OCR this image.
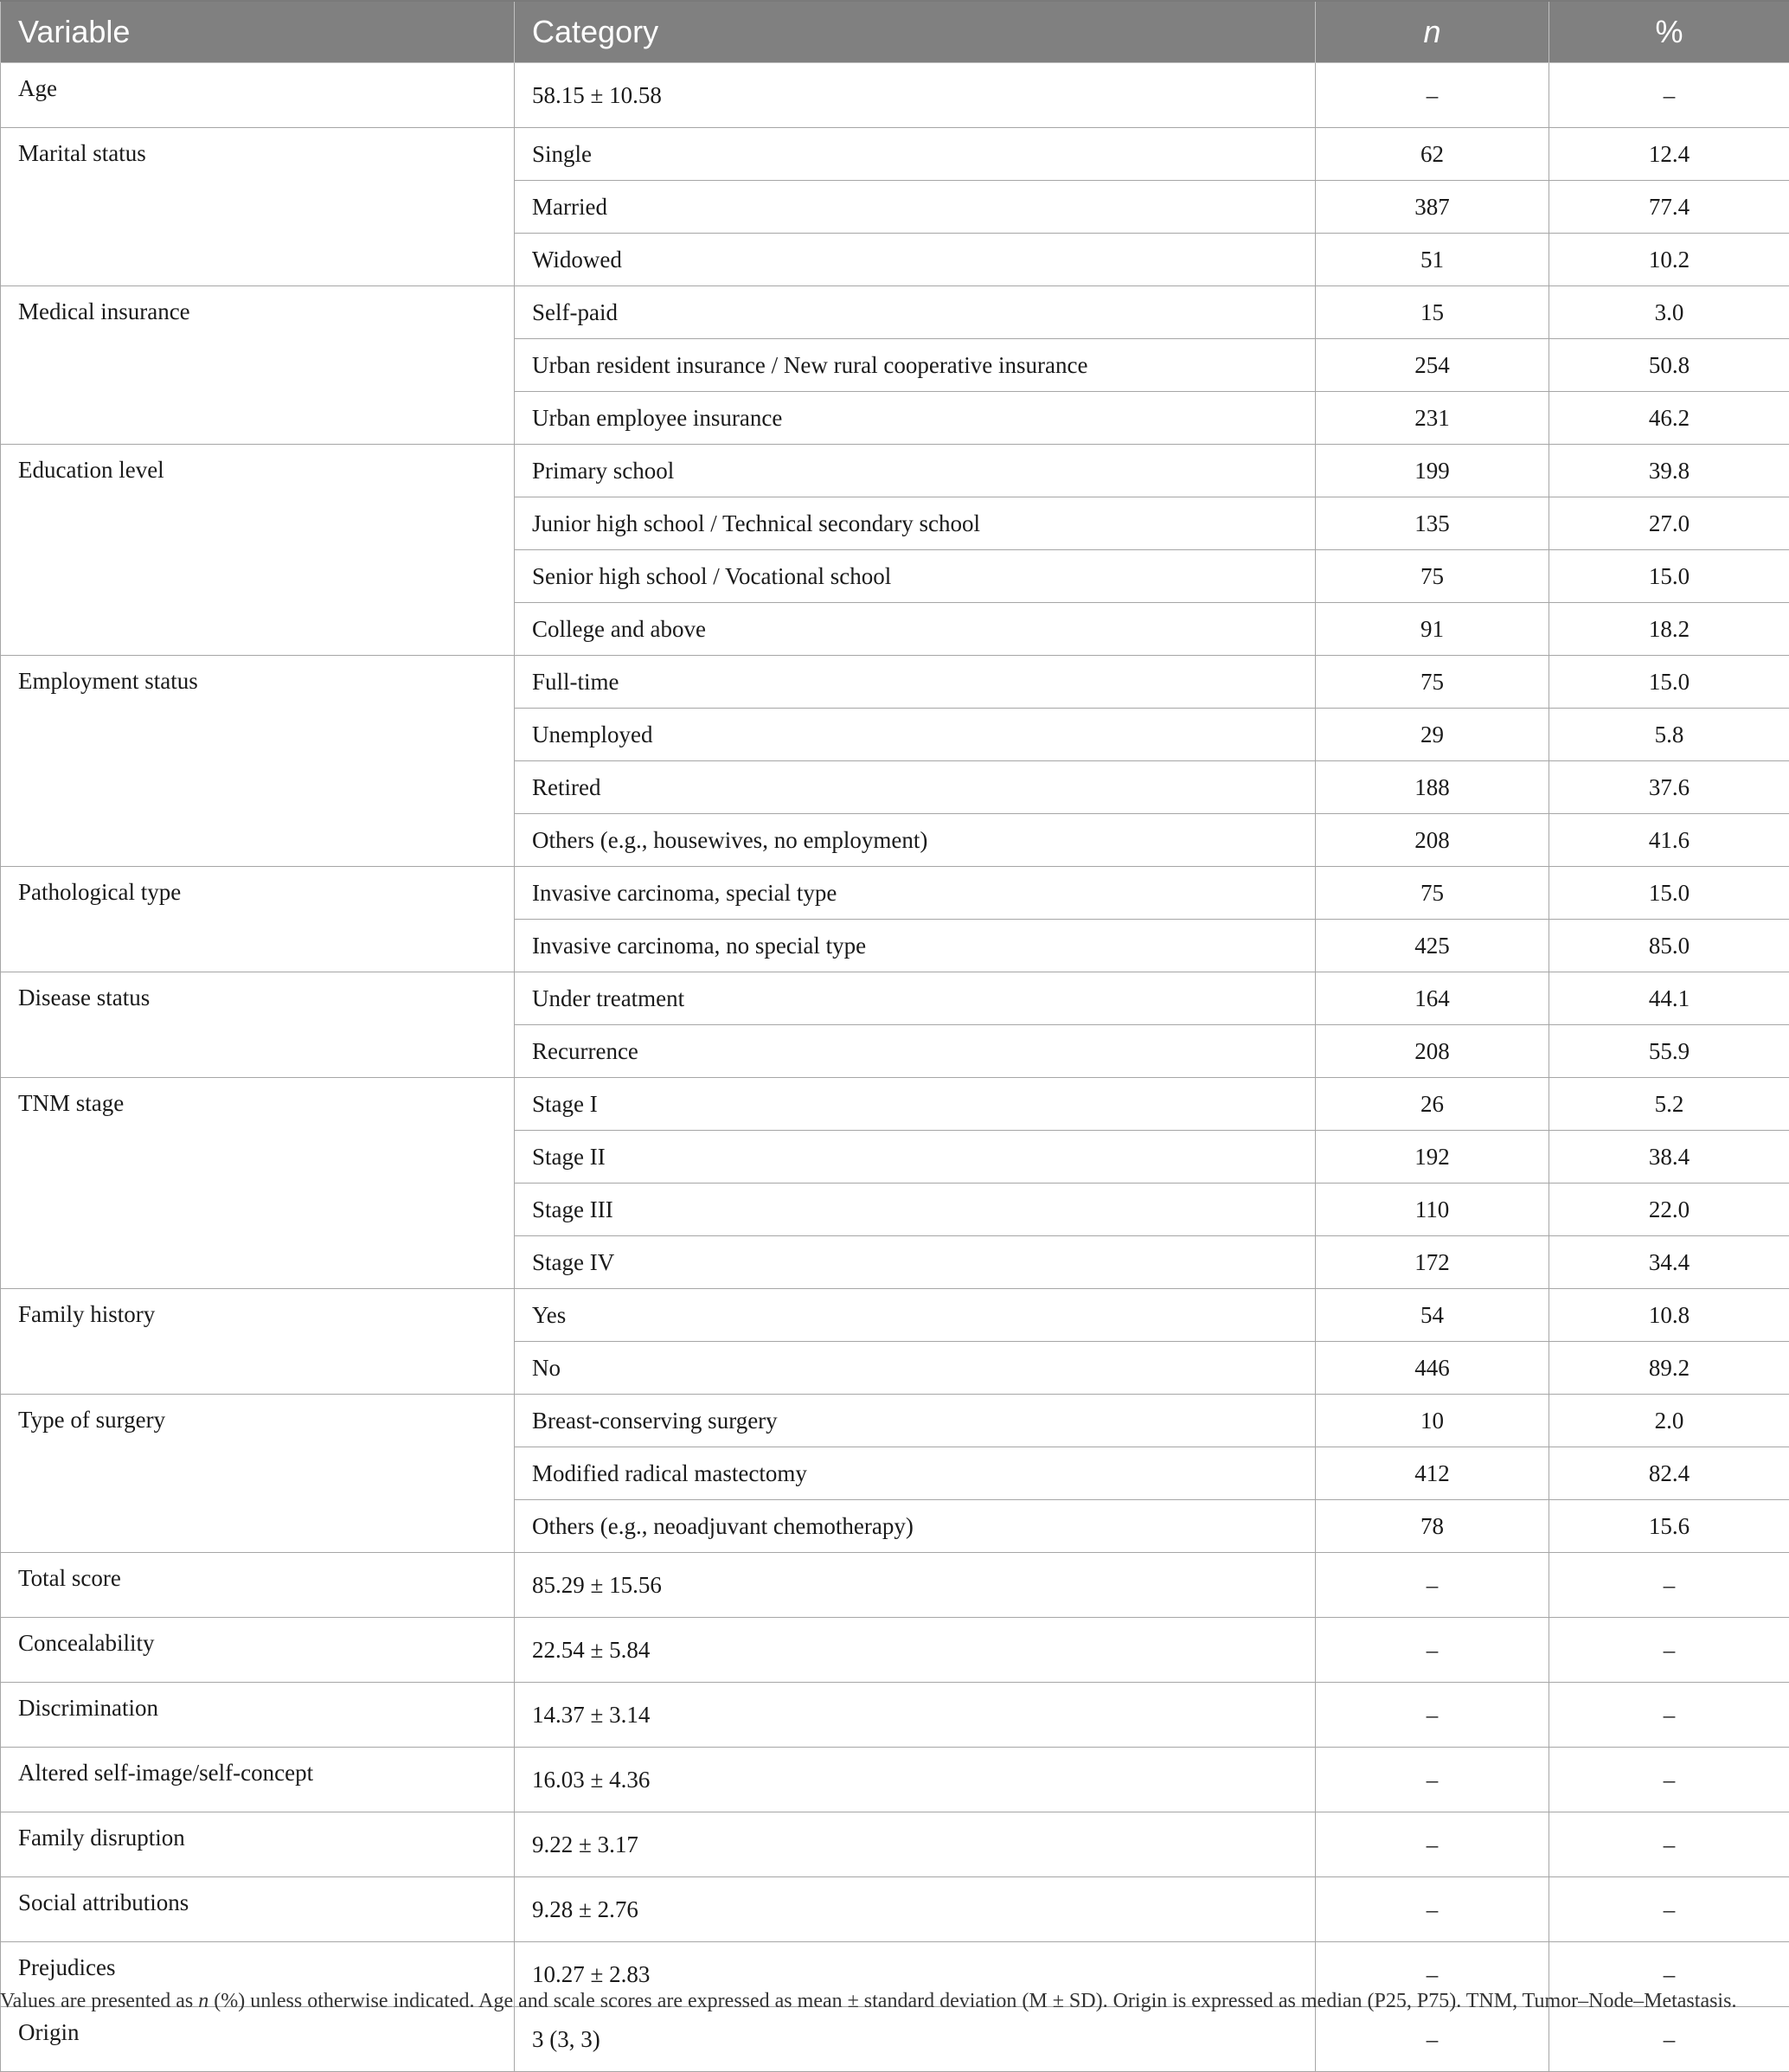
Variable	Category	n	%
Age	58.15 ± 10.58	–	–
Marital status	Single	62	12.4
	Married	387	77.4
	Widowed	51	10.2
Medical insurance	Self-paid	15	3.0
	Urban resident insurance / New rural cooperative insurance	254	50.8
	Urban employee insurance	231	46.2
Education level	Primary school	199	39.8
	Junior high school / Technical secondary school	135	27.0
	Senior high school / Vocational school	75	15.0
	College and above	91	18.2
Employment status	Full-time	75	15.0
	Unemployed	29	5.8
	Retired	188	37.6
	Others (e.g., housewives, no employment)	208	41.6
Pathological type	Invasive carcinoma, special type	75	15.0
	Invasive carcinoma, no special type	425	85.0
Disease status	Under treatment	164	44.1
	Recurrence	208	55.9
TNM stage	Stage I	26	5.2
	Stage II	192	38.4
	Stage III	110	22.0
	Stage IV	172	34.4
Family history	Yes	54	10.8
	No	446	89.2
Type of surgery	Breast-conserving surgery	10	2.0
	Modified radical mastectomy	412	82.4
	Others (e.g., neoadjuvant chemotherapy)	78	15.6
Total score	85.29 ± 15.56	–	–
Concealability	22.54 ± 5.84	–	–
Discrimination	14.37 ± 3.14	–	–
Altered self-image/self-concept	16.03 ± 4.36	–	–
Family disruption	9.22 ± 3.17	–	–
Social attributions	9.28 ± 2.76	–	–
Prejudices	10.27 ± 2.83	–	–
Origin	3 (3, 3)	–	–
Values are presented as n (%) unless otherwise indicated. Age and scale scores are expressed as mean ± standard deviation (M ± SD). Origin is expressed as median (P25, P75). TNM, Tumor–Node–Metastasis.
